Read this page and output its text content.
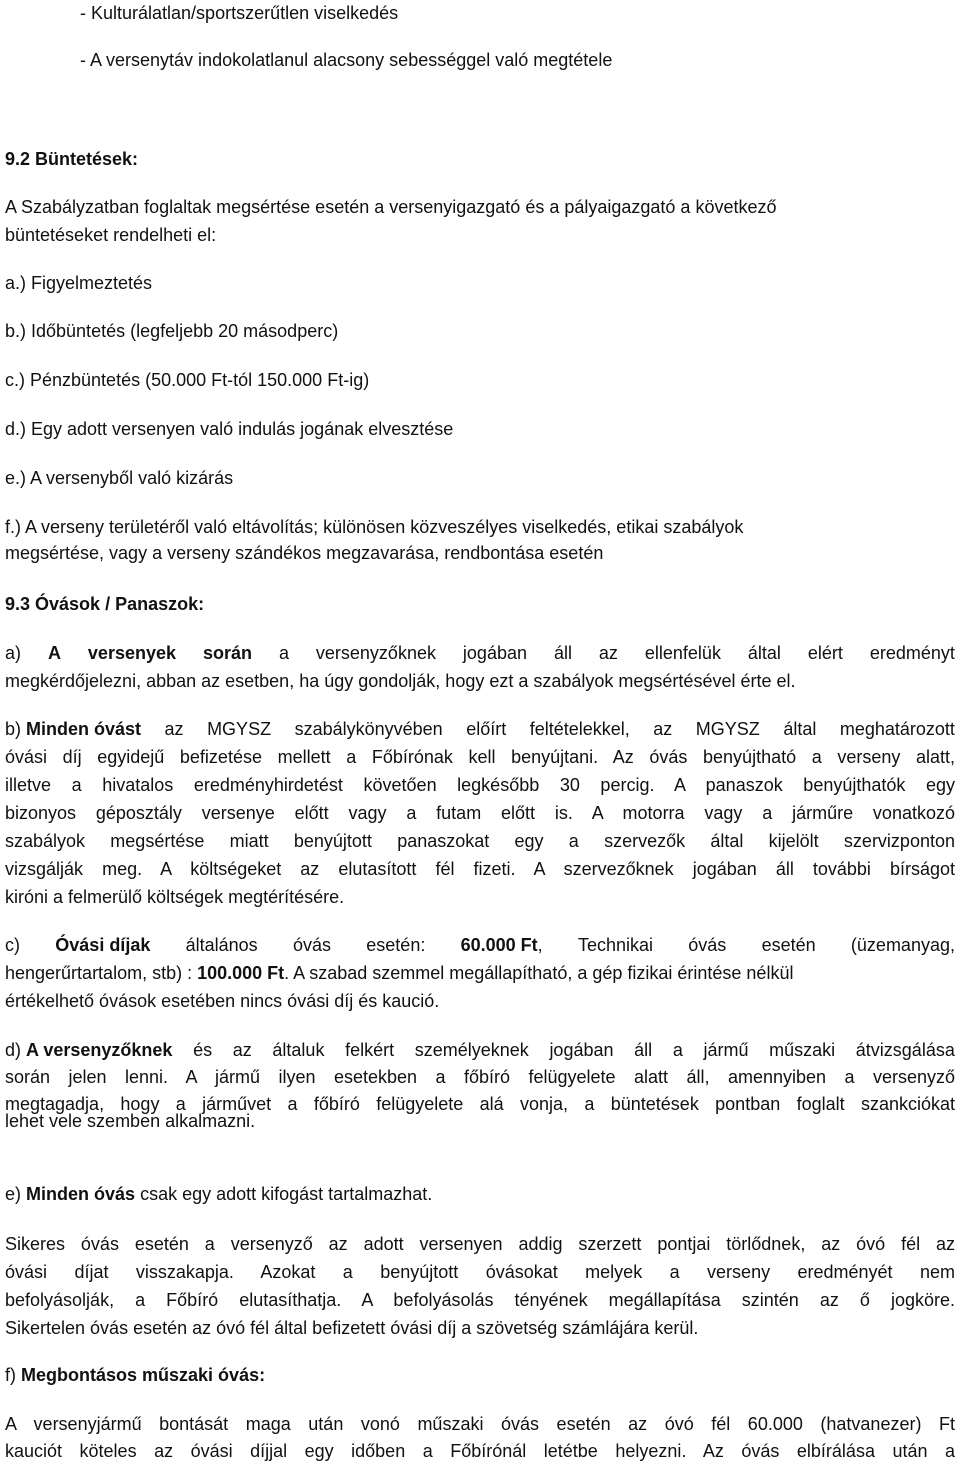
- Kulturálatlan/sportszerűtlen viselkedés
- A versenytáv indokolatlanul alacsony sebességgel való megtétele
9.2 Büntetések:
A Szabályzatban foglaltak megsértése esetén a versenyigazgató és a pályaigazgató a következő
büntetéseket rendelheti el:
a.) Figyelmeztetés
b.) Időbüntetés (legfeljebb 20 másodperc)
c.) Pénzbüntetés (50.000 Ft-tól 150.000 Ft-ig)
d.) Egy adott versenyen való indulás jogának elvesztése
e.) A versenyből való kizárás
f.) A verseny területéről való eltávolítás; különösen közveszélyes viselkedés, etikai szabályok
megsértése, vagy a verseny szándékos megzavarása, rendbontása esetén
9.3 Óvások / Panaszok:
a) A versenyek során a versenyzőknek jogában áll az ellenfelük által elért eredményt
megkérdőjelezni, abban az esetben, ha úgy gondolják, hogy ezt a szabályok megsértésével érte el.
b) Minden óvást az MGYSZ szabálykönyvében előírt feltételekkel, az MGYSZ által meghatározott
óvási díj egyidejű befizetése mellett a Főbírónak kell benyújtani. Az óvás benyújtható a verseny alatt,
illetve a hivatalos eredményhirdetést követően legkésőbb 30 percig. A panaszok benyújthatók egy
bizonyos géposztály versenye előtt vagy a futam előtt is. A motorra vagy a járműre vonatkozó
szabályok megsértése miatt benyújtott panaszokat egy a szervezők által kijelölt szervizponton
vizsgálják meg. A költségeket az elutasított fél fizeti. A szervezőknek jogában áll további bírságot
kiróni a felmerülő költségek megtérítésére.
c) Óvási díjak általános óvás esetén: 60.000 Ft, Technikai óvás esetén (üzemanyag,
hengerűrtartalom, stb) : 100.000 Ft. A szabad szemmel megállapítható, a gép fizikai érintése nélkül
értékelhető óvások esetében nincs óvási díj és kaució.
d) A versenyzőknek és az általuk felkért személyeknek jogában áll a jármű műszaki átvizsgálása
során jelen lenni. A jármű ilyen esetekben a főbíró felügyelete alatt áll, amennyiben a versenyző
megtagadja, hogy a járművet a főbíró felügyelete alá vonja, a büntetések pontban foglalt szankciókat
lehet vele szemben alkalmazni.
e) Minden óvás csak egy adott kifogást tartalmazhat.
Sikeres óvás esetén a versenyző az adott versenyen addig szerzett pontjai törlődnek, az óvó fél az
óvási díjat visszakapja. Azokat a benyújtott óvásokat melyek a verseny eredményét nem
befolyásolják, a Főbíró elutasíthatja. A befolyásolás tényének megállapítása szintén az ő jogköre.
Sikertelen óvás esetén az óvó fél által befizetett óvási díj a szövetség számlájára kerül.
f) Megbontásos műszaki óvás:
A versenyjármű bontását maga után vonó műszaki óvás esetén az óvó fél 60.000 (hatvanezer) Ft
kauciót köteles az óvási díjjal egy időben a Főbírónál letétbe helyezni. Az óvás elbírálása után a
